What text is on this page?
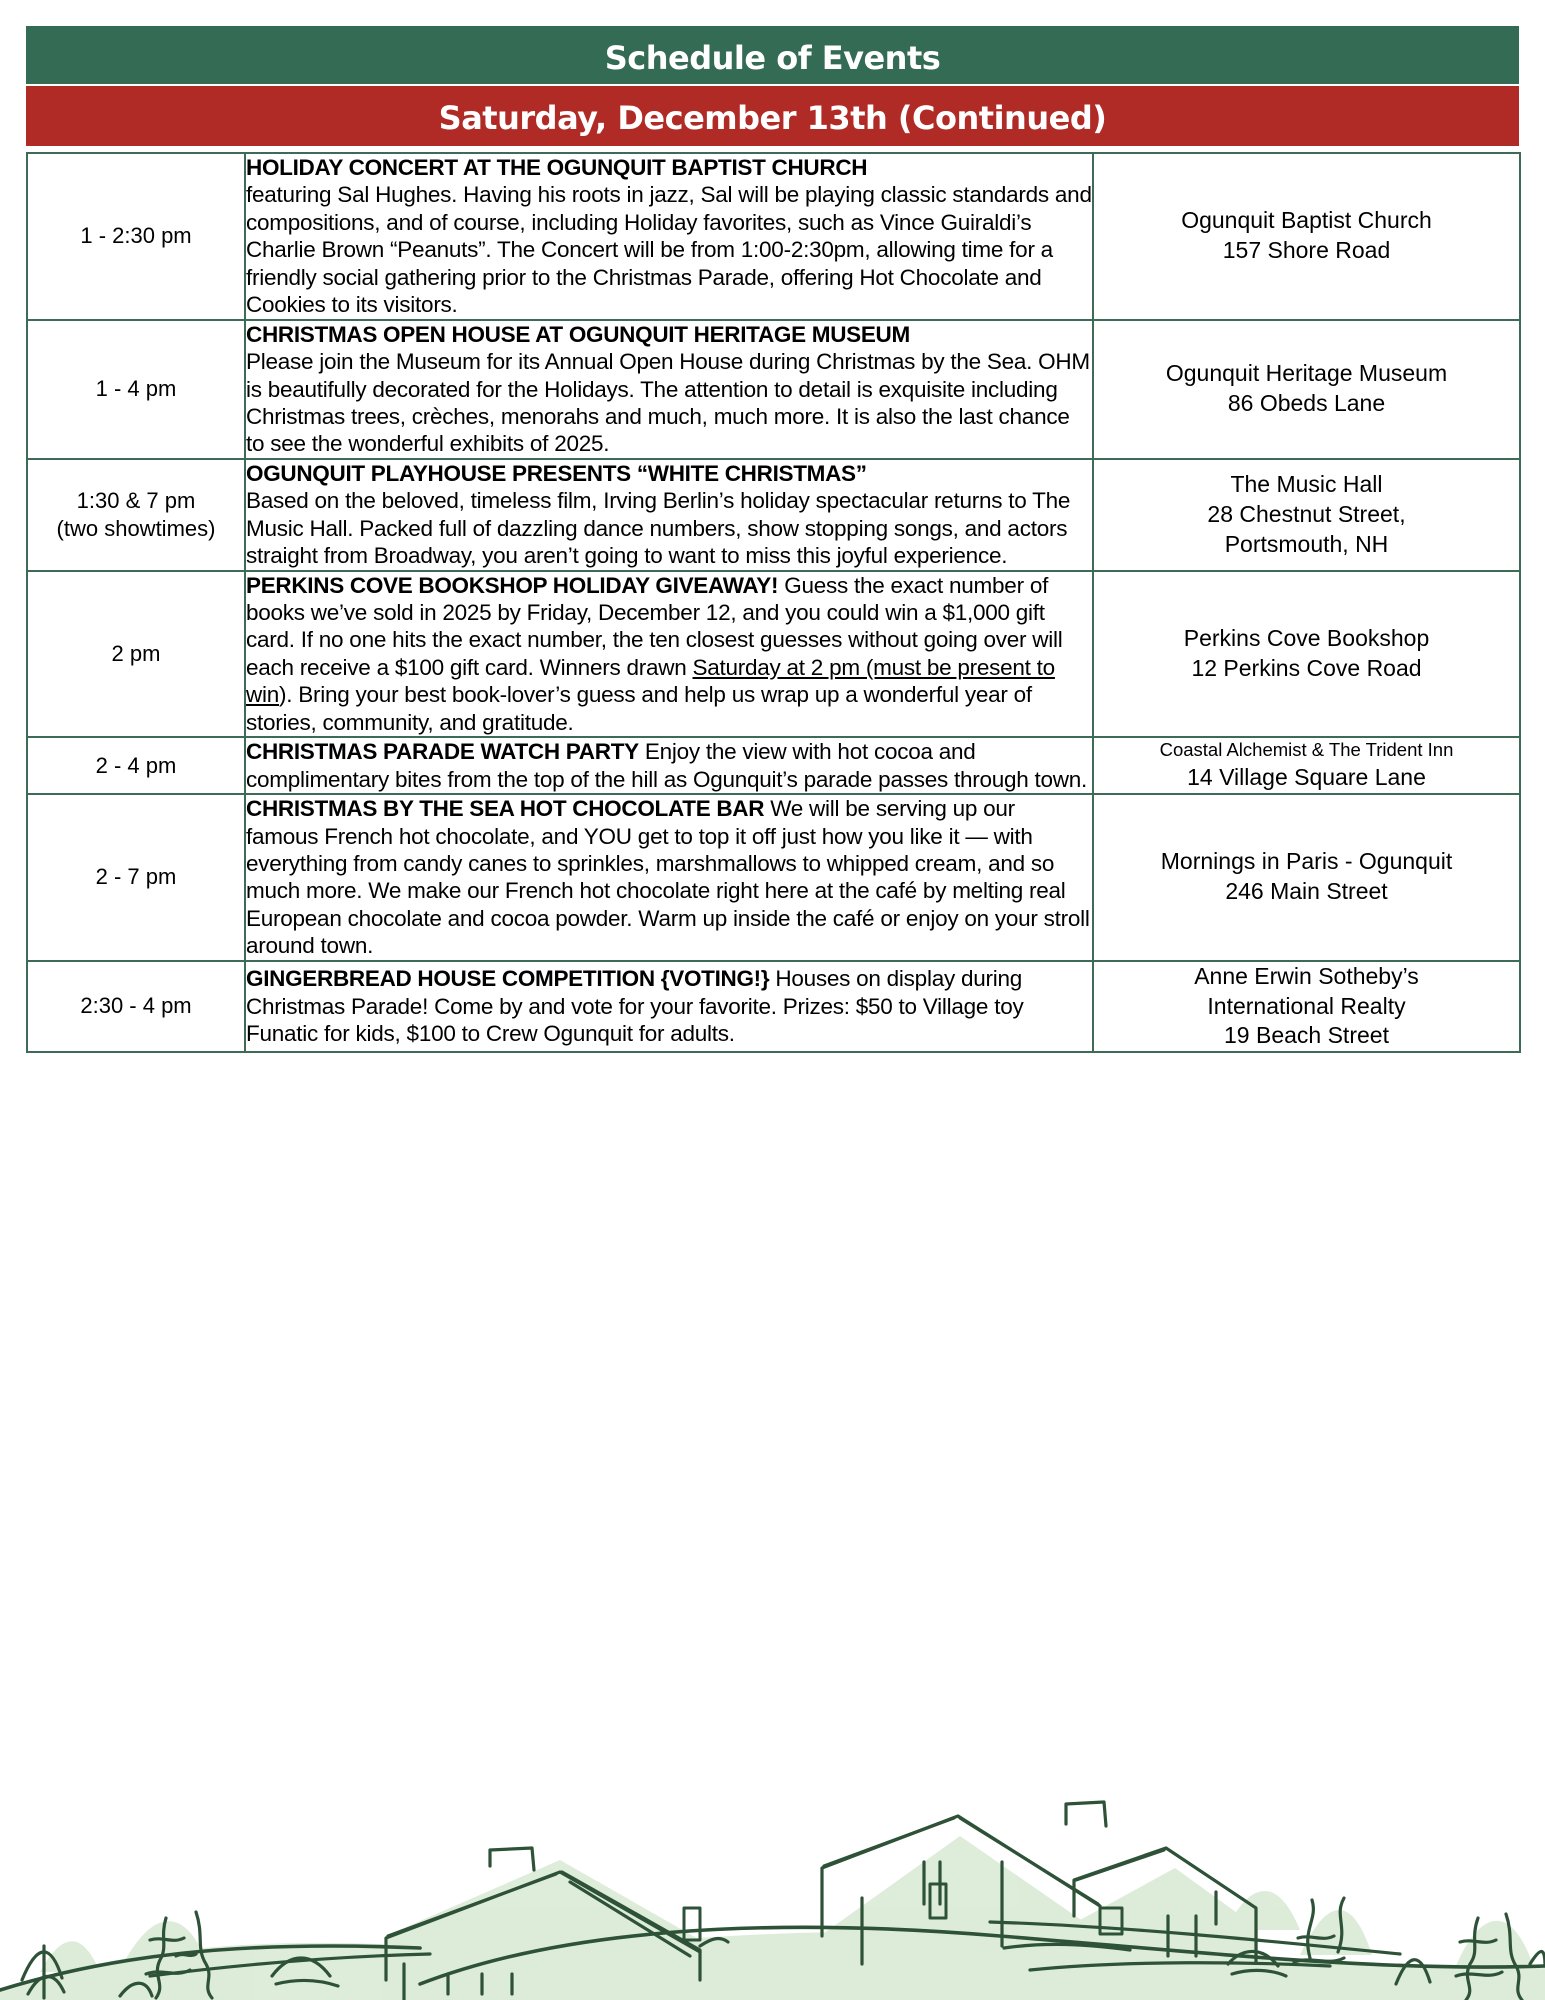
Schedule of Events
Saturday, December 13th (Continued)
1 - 2:30 pm	HOLIDAY CONCERT AT THE OGUNQUIT BAPTIST CHURCH
featuring Sal Hughes. Having his roots in jazz, Sal will be playing classic standards and compositions, and of course, including Holiday favorites, such as Vince Guiraldi’s Charlie Brown “Peanuts”. The Concert will be from 1:00-2:30pm, allowing time for a friendly social gathering prior to the Christmas Parade, offering Hot Chocolate and Cookies to its visitors.	Ogunquit Baptist Church
157 Shore Road

1 - 4 pm	CHRISTMAS OPEN HOUSE AT OGUNQUIT HERITAGE MUSEUM
Please join the Museum for its Annual Open House during Christmas by the Sea. OHM is beautifully decorated for the Holidays. The attention to detail is exquisite including Christmas trees, crèches, menorahs and much, much more. It is also the last chance to see the wonderful exhibits of 2025.	Ogunquit Heritage Museum
86 Obeds Lane

1:30 & 7 pm
(two showtimes)	OGUNQUIT PLAYHOUSE PRESENTS “WHITE CHRISTMAS”
Based on the beloved, timeless film, Irving Berlin’s holiday spectacular returns to The Music Hall. Packed full of dazzling dance numbers, show stopping songs, and actors straight from Broadway, you aren’t going to want to miss this joyful experience.	
The Music Hall
28 Chestnut Street,
Portsmouth, NH

2 pm	PERKINS COVE BOOKSHOP HOLIDAY GIVEAWAY! Guess the exact number of books we’ve sold in 2025 by Friday, December 12, and you could win a $1,000 gift card. If no one hits the exact number, the ten closest guesses without going over will each receive a $100 gift card. Winners drawn Saturday at 2 pm (must be present to win). Bring your best book-lover’s guess and help us wrap up a wonderful year of stories, community, and gratitude.	Perkins Cove Bookshop
12 Perkins Cove Road

2 - 4 pm	CHRISTMAS PARADE WATCH PARTY Enjoy the view with hot cocoa and complimentary bites from the top of the hill as Ogunquit’s parade passes through town.	Coastal Alchemist & The Trident Inn
14 Village Square Lane

2 - 7 pm	CHRISTMAS BY THE SEA HOT CHOCOLATE BAR We will be serving up our famous French hot chocolate, and YOU get to top it off just how you like it — with everything from candy canes to sprinkles, marshmallows to whipped cream, and so much more. We make our French hot chocolate right here at the café by melting real European chocolate and cocoa powder. Warm up inside the café or enjoy on your stroll around town.	Mornings in Paris - Ogunquit
246 Main Street

2:30 - 4 pm	GINGERBREAD HOUSE COMPETITION {VOTING!} Houses on display during Christmas Parade! Come by and vote for your favorite. Prizes: $50 to Village toy Funatic for kids, $100 to Crew Ogunquit for adults.	Anne Erwin Sotheby’s
International Realty
19 Beach Street
